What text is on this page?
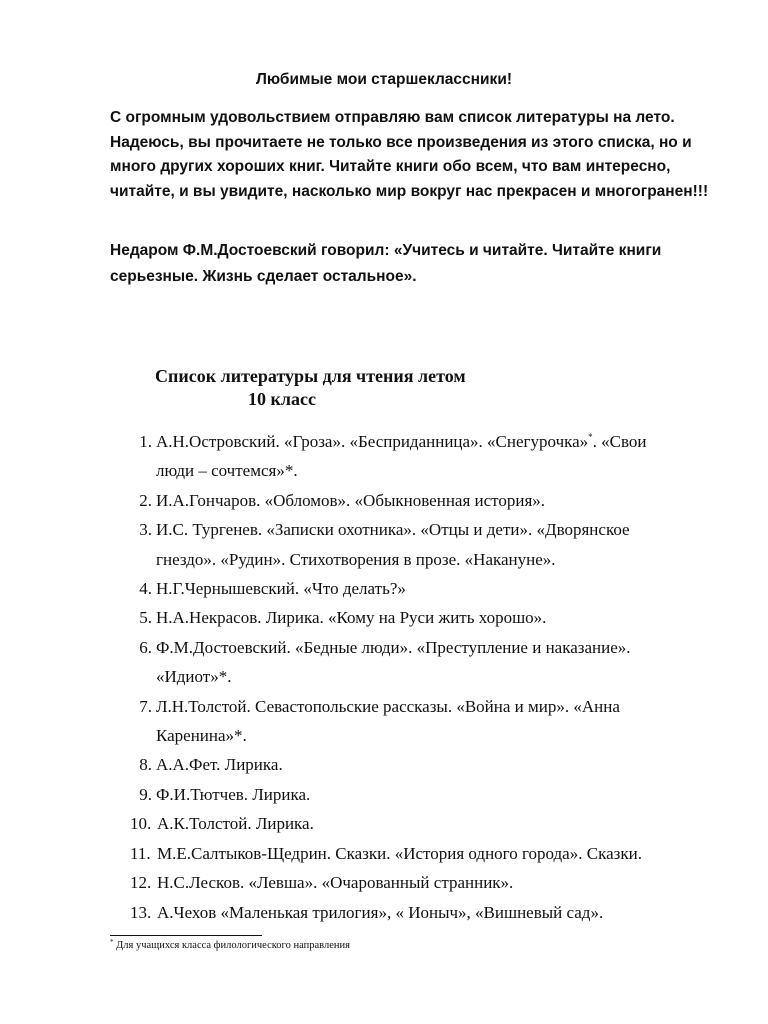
Любимые мои старшеклассники!
С огромным удовольствием отправляю вам список литературы на лето. Надеюсь, вы прочитаете не только все произведения из этого списка, но и много других хороших книг. Читайте книги обо всем, что вам интересно, читайте, и вы увидите, насколько мир вокруг нас прекрасен и многогранен!!!
Недаром Ф.М.Достоевский говорил: «Учитесь и читайте. Читайте книги серьезные. Жизнь сделает остальное».
Список литературы для чтения летом
10 класс
1. А.Н.Островский. «Гроза». «Бесприданница». «Снегурочка»*. «Свои люди – сочтемся»*.
2. И.А.Гончаров. «Обломов». «Обыкновенная история».
3. И.С. Тургенев. «Записки охотника». «Отцы и дети». «Дворянское гнездо». «Рудин». Стихотворения в прозе. «Накануне».
4. Н.Г.Чернышевский. «Что делать?»
5. Н.А.Некрасов. Лирика. «Кому на Руси жить хорошо».
6. Ф.М.Достоевский. «Бедные люди». «Преступление и наказание». «Идиот»*.
7. Л.Н.Толстой. Севастопольские рассказы. «Война и мир». «Анна Каренина»*.
8. А.А.Фет. Лирика.
9. Ф.И.Тютчев. Лирика.
10. А.К.Толстой. Лирика.
11. М.Е.Салтыков-Щедрин. Сказки. «История одного города». Сказки.
12. Н.С.Лесков. «Левша». «Очарованный странник».
13. А.Чехов «Маленькая трилогия», « Ионыч», «Вишневый сад».
* Для учащихся класса филологического направления
